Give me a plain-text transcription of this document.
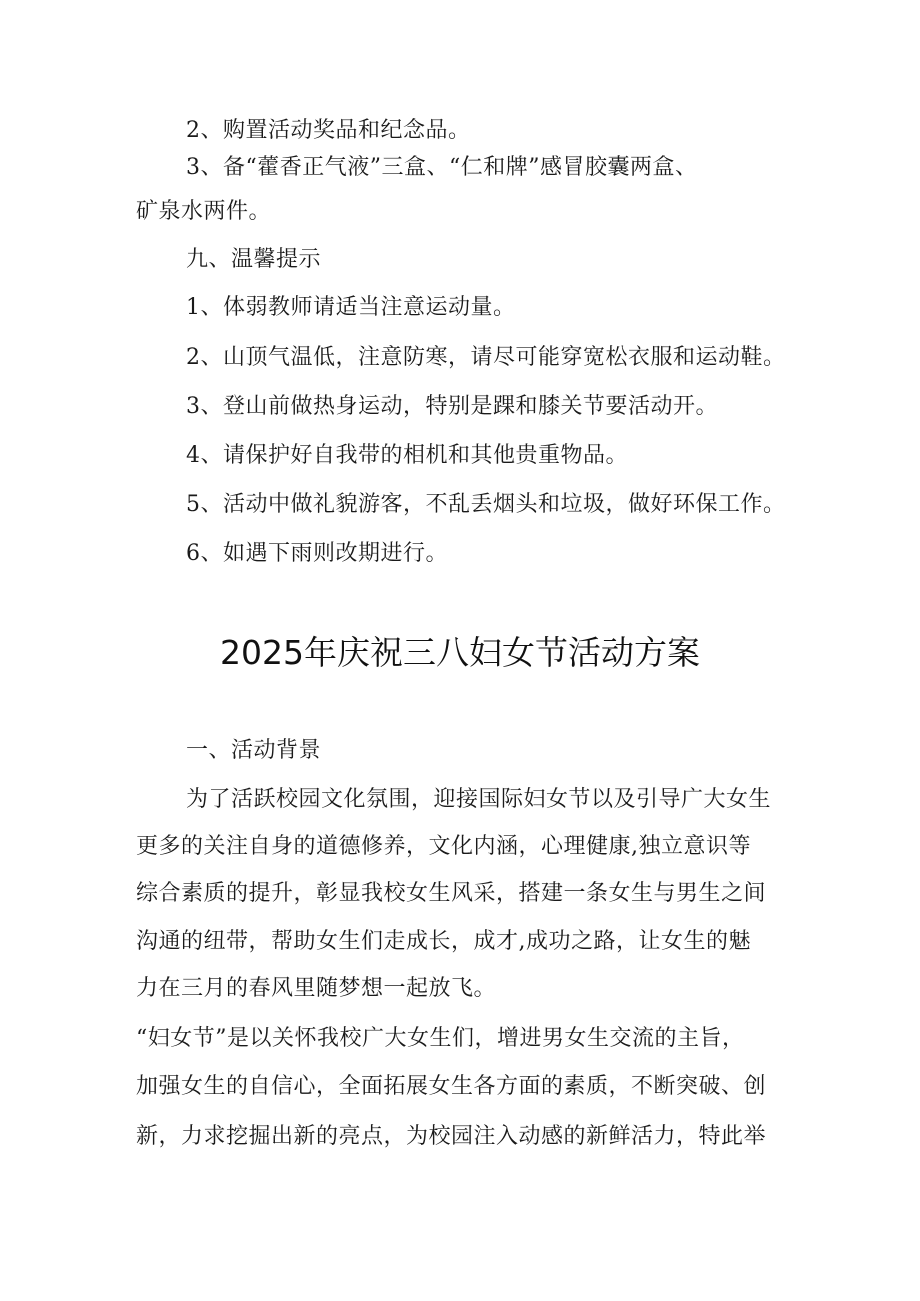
2、购置活动奖品和纪念品。
3、备“藿香正气液”三盒、“仁和牌”感冒胶囊两盒、
矿泉水两件。
九、温馨提示
1、体弱教师请适当注意运动量。
2、山顶气温低，注意防寒，请尽可能穿宽松衣服和运动鞋。
3、登山前做热身运动，特别是踝和膝关节要活动开。
4、请保护好自我带的相机和其他贵重物品。
5、活动中做礼貌游客，不乱丢烟头和垃圾，做好环保工作。
6、如遇下雨则改期进行。
2025年庆祝三八妇女节活动方案
一、活动背景
为了活跃校园文化氛围，迎接国际妇女节以及引导广大女生
更多的关注自身的道德修养，文化内涵，心理健康,独立意识等
综合素质的提升，彰显我校女生风采，搭建一条女生与男生之间
沟通的纽带，帮助女生们走成长，成才,成功之路，让女生的魅
力在三月的春风里随梦想一起放飞。
“妇女节”是以关怀我校广大女生们，增进男女生交流的主旨，
加强女生的自信心，全面拓展女生各方面的素质，不断突破、创
新，力求挖掘出新的亮点，为校园注入动感的新鲜活力，特此举
